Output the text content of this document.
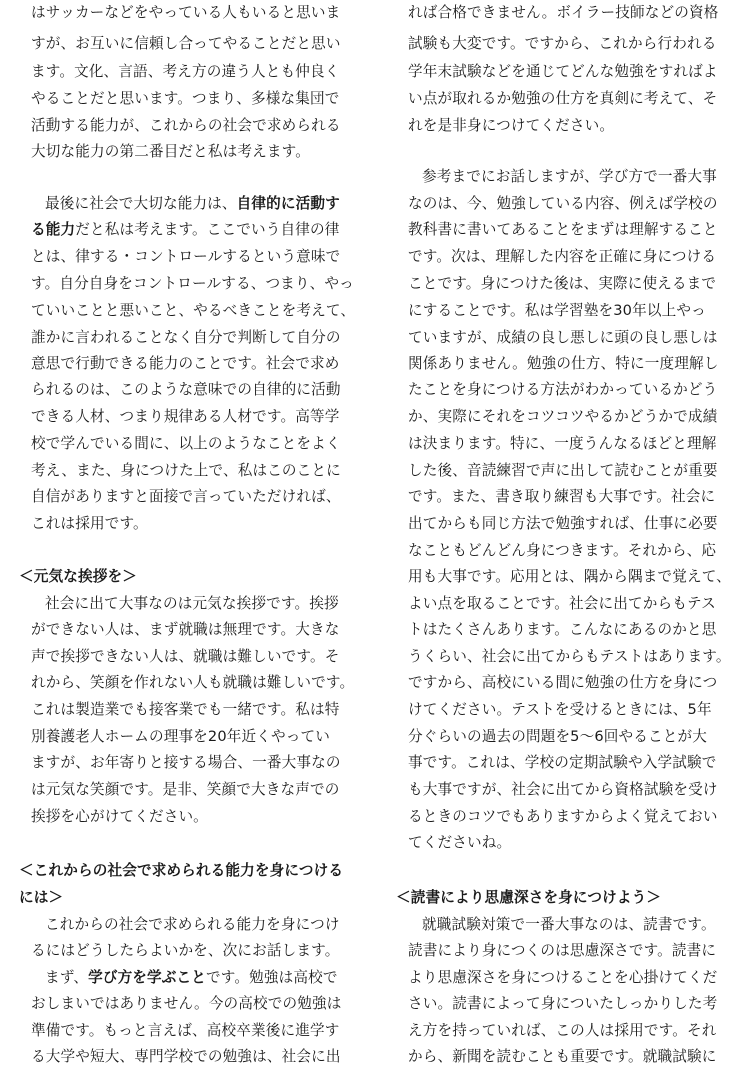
はサッカーなどをやっている人もいると思いま
すが、お互いに信頼し合ってやることだと思い
ます。文化、言語、考え方の違う人とも仲良く
やることだと思います。つまり、多様な集団で
活動する能力が、これからの社会で求められる
大切な能力の第二番目だと私は考えます。
最後に社会で大切な能力は、自律的に活動す
る能力だと私は考えます。ここでいう自律の律
とは、律する・コントロールするという意味で
す。自分自身をコントロールする、つまり、やっ
ていいことと悪いこと、やるべきことを考えて、
誰かに言われることなく自分で判断して自分の
意思で行動できる能力のことです。社会で求め
られるのは、このような意味での自律的に活動
できる人材、つまり規律ある人材です。高等学
校で学んでいる間に、以上のようなことをよく
考え、また、身につけた上で、私はこのことに
自信がありますと面接で言っていただければ、
これは採用です。
＜元気な挨拶を＞
社会に出て大事なのは元気な挨拶です。挨拶
ができない人は、まず就職は無理です。大きな
声で挨拶できない人は、就職は難しいです。そ
れから、笑顔を作れない人も就職は難しいです。
これは製造業でも接客業でも一緒です。私は特
別養護老人ホームの理事を20年近くやってい
ますが、お年寄りと接する場合、一番大事なの
は元気な笑顔です。是非、笑顔で大きな声での
挨拶を心がけてください。
＜これからの社会で求められる能力を身につける
には＞
これからの社会で求められる能力を身につけ
るにはどうしたらよいかを、次にお話します。
まず、学び方を学ぶことです。勉強は高校で
おしまいではありません。今の高校での勉強は
準備です。もっと言えば、高校卒業後に進学す
る大学や短大、専門学校での勉強は、社会に出
れば合格できません。ボイラー技師などの資格
試験も大変です。ですから、これから行われる
学年末試験などを通じてどんな勉強をすればよ
い点が取れるか勉強の仕方を真剣に考えて、そ
れを是非身につけてください。
参考までにお話しますが、学び方で一番大事
なのは、今、勉強している内容、例えば学校の
教科書に書いてあることをまずは理解すること
です。次は、理解した内容を正確に身につける
ことです。身につけた後は、実際に使えるまで
にすることです。私は学習塾を30年以上やっ
ていますが、成績の良し悪しに頭の良し悪しは
関係ありません。勉強の仕方、特に一度理解し
たことを身につける方法がわかっているかどう
か、実際にそれをコツコツやるかどうかで成績
は決まります。特に、一度うんなるほどと理解
した後、音読練習で声に出して読むことが重要
です。また、書き取り練習も大事です。社会に
出てからも同じ方法で勉強すれば、仕事に必要
なこともどんどん身につきます。それから、応
用も大事です。応用とは、隅から隅まで覚えて、
よい点を取ることです。社会に出てからもテス
トはたくさんあります。こんなにあるのかと思
うくらい、社会に出てからもテストはあります。
ですから、高校にいる間に勉強の仕方を身につ
けてください。テストを受けるときには、5年
分ぐらいの過去の問題を5～6回やることが大
事です。これは、学校の定期試験や入学試験で
も大事ですが、社会に出てから資格試験を受け
るときのコツでもありますからよく覚えておい
てくださいね。
＜読書により思慮深さを身につけよう＞
就職試験対策で一番大事なのは、読書です。
読書により身につくのは思慮深さです。読書に
より思慮深さを身につけることを心掛けてくだ
さい。読書によって身についたしっかりした考
え方を持っていれば、この人は採用です。それ
から、新聞を読むことも重要です。就職試験に
